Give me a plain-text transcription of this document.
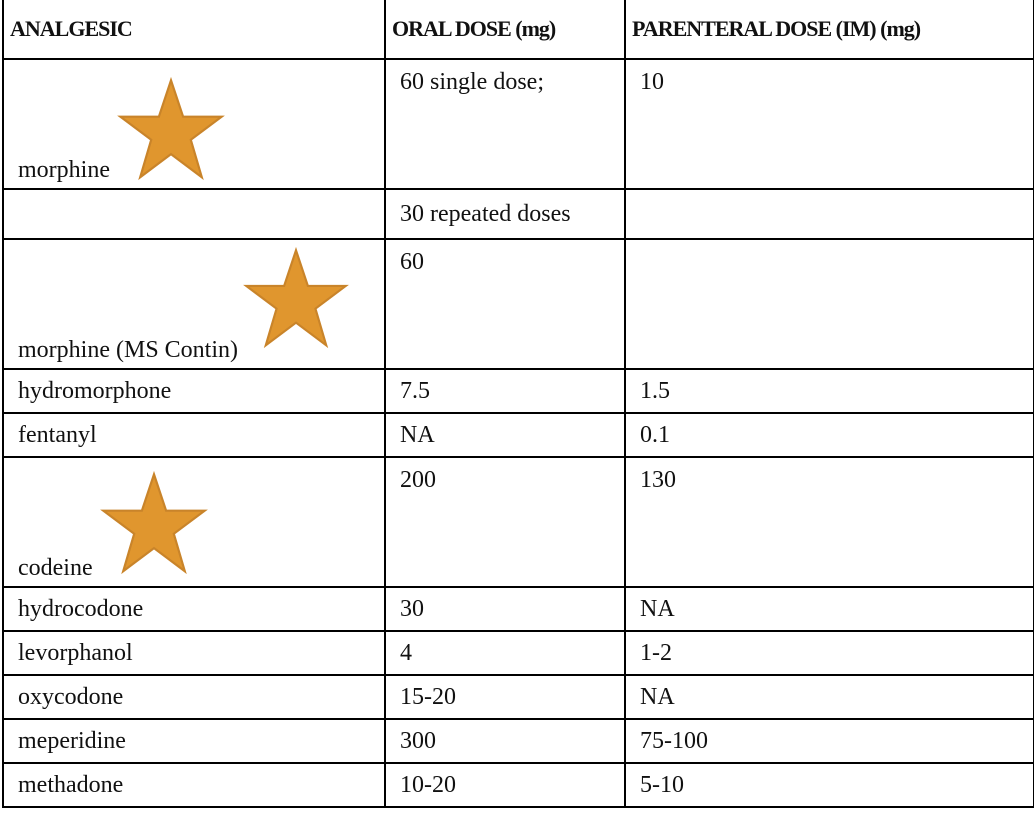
ANALGESIC	ORAL DOSE (mg)	PARENTERAL DOSE (IM) (mg)

morphine	60 single dose;	10
	30 repeated doses	

morphine (MS Contin)	60	
hydromorphone	7.5	1.5
fentanyl	NA	0.1

codeine	200	130
hydrocodone	30	NA
levorphanol	4	1-2
oxycodone	15-20	NA
meperidine	300	75-100
methadone	10-20	5-10
